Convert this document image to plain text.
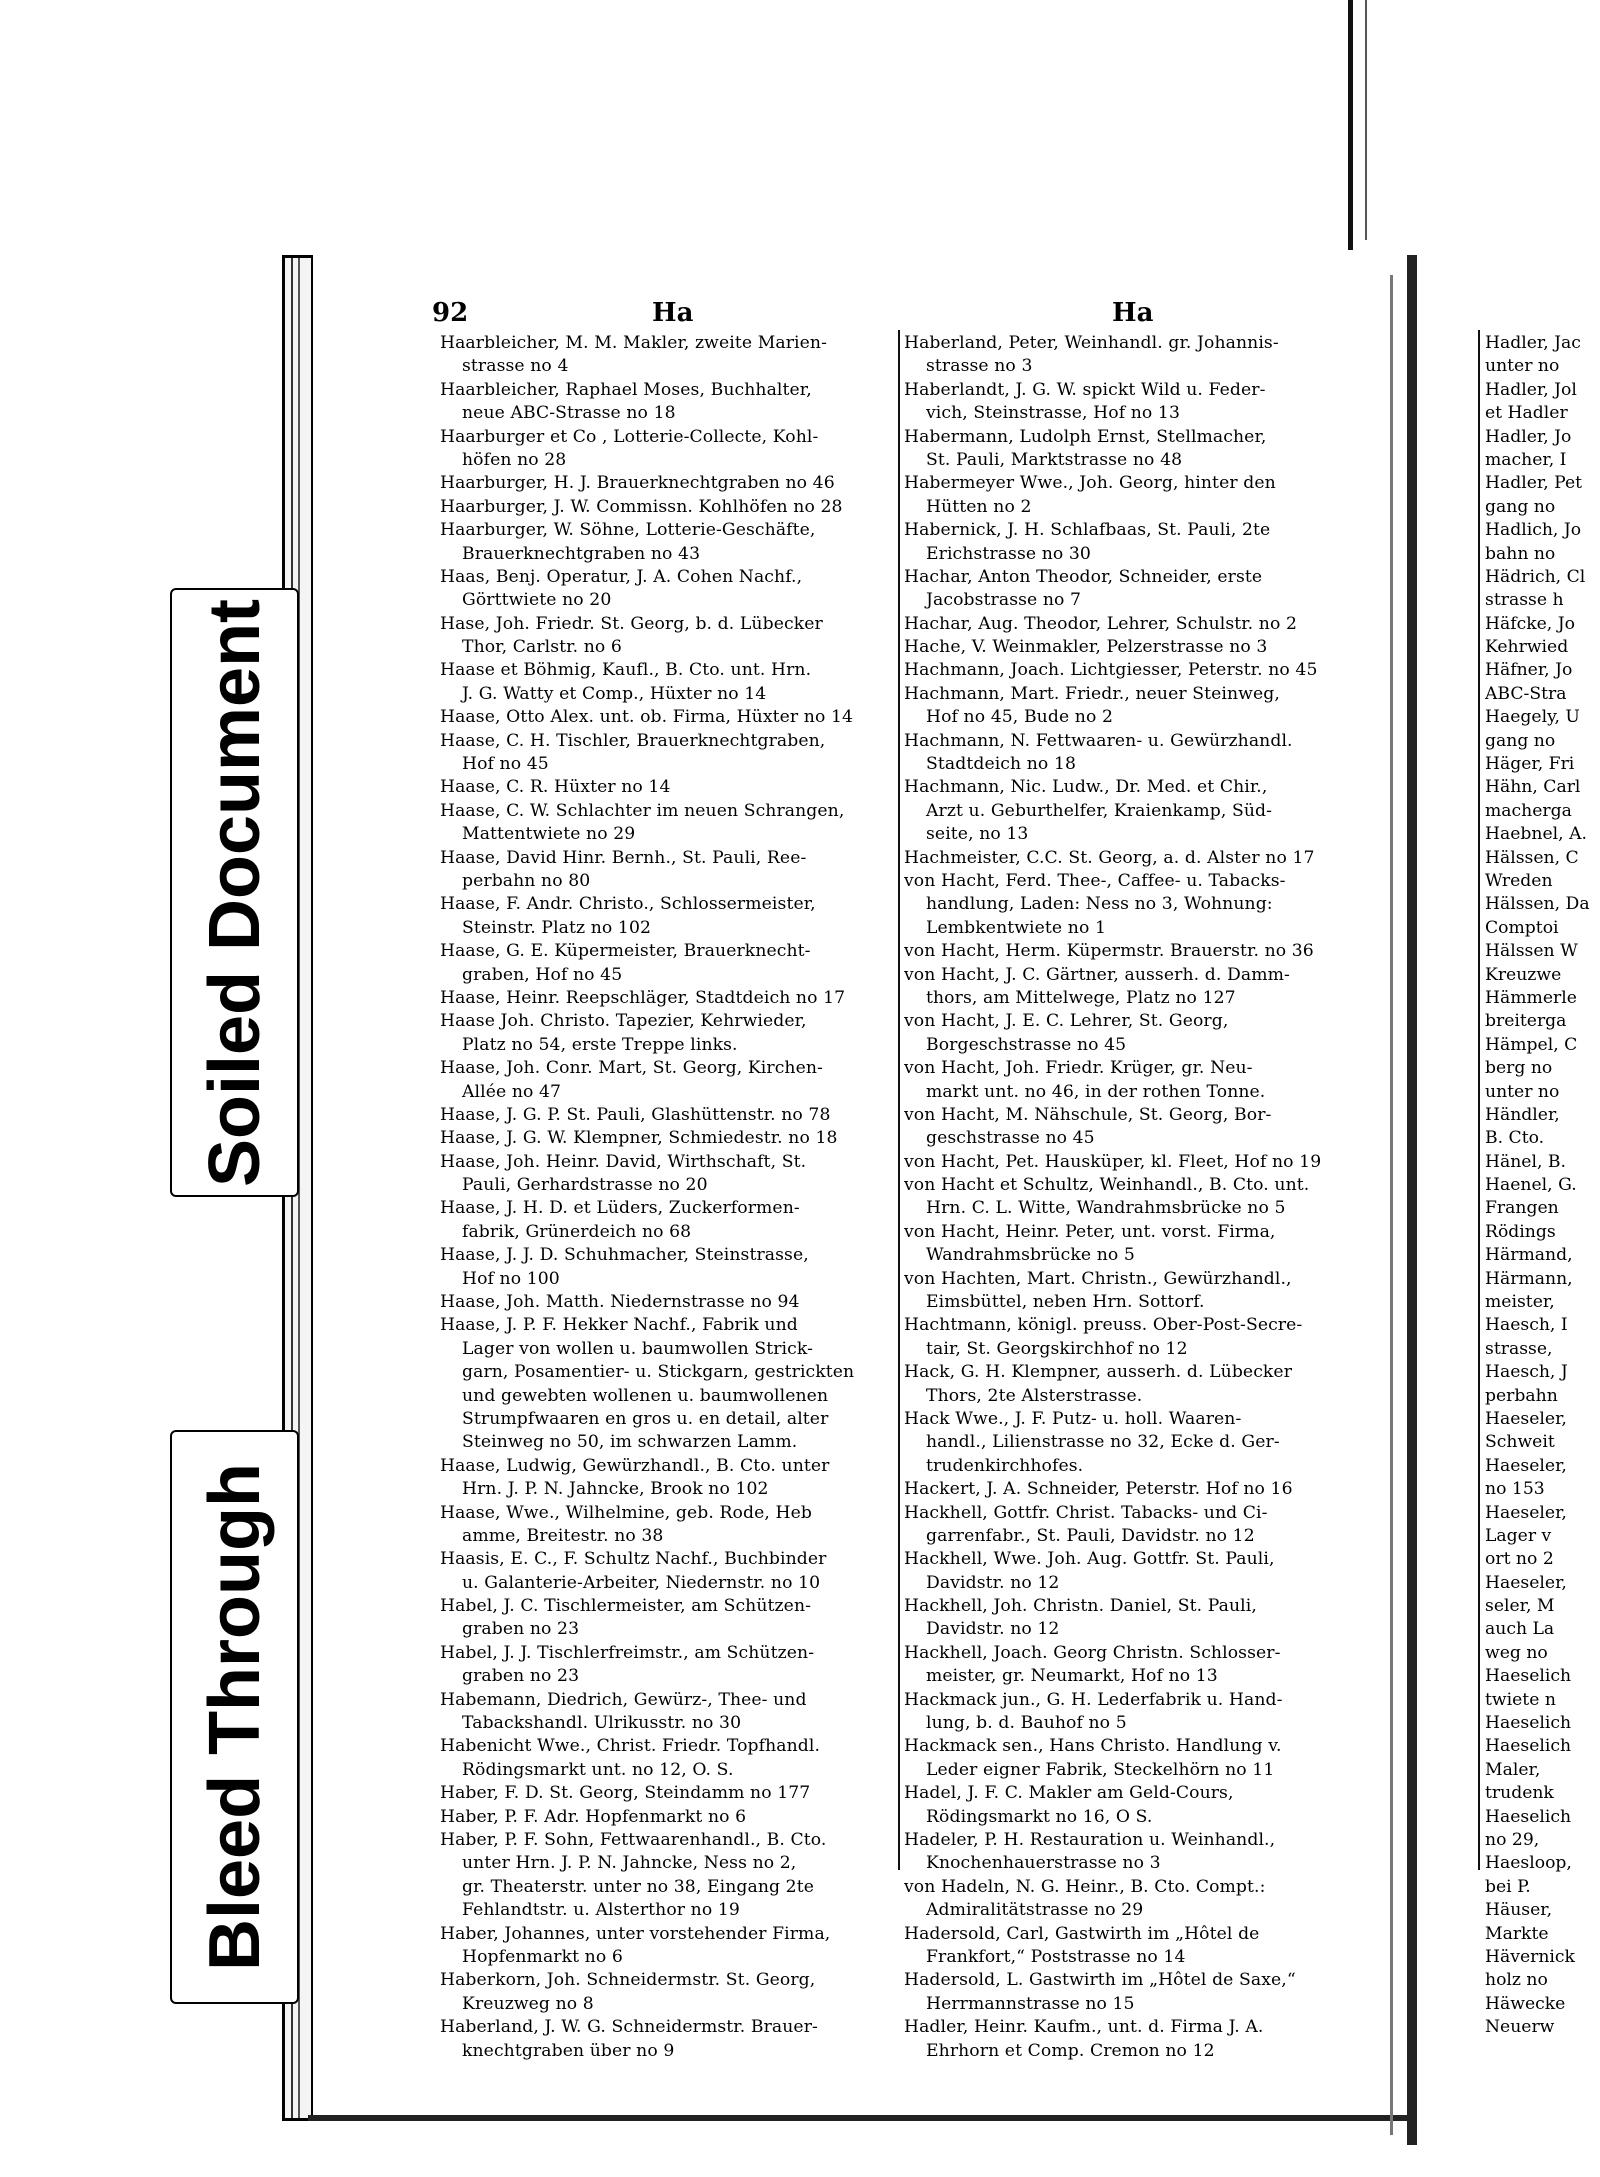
Soiled Document
Bleed Through
92	Ha	Ha
Haarbleicher, M. M. Makler, zweite Marien-
strasse no 4
Haarbleicher, Raphael Moses, Buchhalter,
neue ABC-Strasse no 18
Haarburger et Co , Lotterie-Collecte, Kohl-
höfen no 28
Haarburger, H. J. Brauerknechtgraben no 46
Haarburger, J. W. Commissn. Kohlhöfen no 28
Haarburger, W. Söhne, Lotterie-Geschäfte,
Brauerknechtgraben no 43
Haas, Benj. Operatur, J. A. Cohen Nachf.,
Görttwiete no 20
Hase, Joh. Friedr. St. Georg, b. d. Lübecker
Thor, Carlstr. no 6
Haase et Böhmig, Kaufl., B. Cto. unt. Hrn.
J. G. Watty et Comp., Hüxter no 14
Haase, Otto Alex. unt. ob. Firma, Hüxter no 14
Haase, C. H. Tischler, Brauerknechtgraben,
Hof no 45
Haase, C. R. Hüxter no 14
Haase, C. W. Schlachter im neuen Schrangen,
Mattentwiete no 29
Haase, David Hinr. Bernh., St. Pauli, Ree-
perbahn no 80
Haase, F. Andr. Christo., Schlossermeister,
Steinstr. Platz no 102
Haase, G. E. Küpermeister, Brauerknecht-
graben, Hof no 45
Haase, Heinr. Reepschläger, Stadtdeich no 17
Haase Joh. Christo. Tapezier, Kehrwieder,
Platz no 54, erste Treppe links.
Haase, Joh. Conr. Mart, St. Georg, Kirchen-
Allée no 47
Haase, J. G. P. St. Pauli, Glashüttenstr. no 78
Haase, J. G. W. Klempner, Schmiedestr. no 18
Haase, Joh. Heinr. David, Wirthschaft, St.
Pauli, Gerhardstrasse no 20
Haase, J. H. D. et Lüders, Zuckerformen-
fabrik, Grünerdeich no 68
Haase, J. J. D. Schuhmacher, Steinstrasse,
Hof no 100
Haase, Joh. Matth. Niedernstrasse no 94
Haase, J. P. F. Hekker Nachf., Fabrik und
Lager von wollen u. baumwollen Strick-
garn, Posamentier- u. Stickgarn, gestrickten
und gewebten wollenen u. baumwollenen
Strumpfwaaren en gros u. en detail, alter
Steinweg no 50, im schwarzen Lamm.
Haase, Ludwig, Gewürzhandl., B. Cto. unter
Hrn. J. P. N. Jahncke, Brook no 102
Haase, Wwe., Wilhelmine, geb. Rode, Heb
amme, Breitestr. no 38
Haasis, E. C., F. Schultz Nachf., Buchbinder
u. Galanterie-Arbeiter, Niedernstr. no 10
Habel, J. C. Tischlermeister, am Schützen-
graben no 23
Habel, J. J. Tischlerfreimstr., am Schützen-
graben no 23
Habemann, Diedrich, Gewürz-, Thee- und
Tabackshandl. Ulrikusstr. no 30
Habenicht Wwe., Christ. Friedr. Topfhandl.
Rödingsmarkt unt. no 12, O. S.
Haber, F. D. St. Georg, Steindamm no 177
Haber, P. F. Adr. Hopfenmarkt no 6
Haber, P. F. Sohn, Fettwaarenhandl., B. Cto.
unter Hrn. J. P. N. Jahncke, Ness no 2,
gr. Theaterstr. unter no 38, Eingang 2te
Fehlandtstr. u. Alsterthor no 19
Haber, Johannes, unter vorstehender Firma,
Hopfenmarkt no 6
Haberkorn, Joh. Schneidermstr. St. Georg,
Kreuzweg no 8
Haberland, J. W. G. Schneidermstr. Brauer-
knechtgraben über no 9
Haberland, Peter, Weinhandl. gr. Johannis-
strasse no 3
Haberlandt, J. G. W. spickt Wild u. Feder-
vich, Steinstrasse, Hof no 13
Habermann, Ludolph Ernst, Stellmacher,
St. Pauli, Marktstrasse no 48
Habermeyer Wwe., Joh. Georg, hinter den
Hütten no 2
Habernick, J. H. Schlafbaas, St. Pauli, 2te
Erichstrasse no 30
Hachar, Anton Theodor, Schneider, erste
Jacobstrasse no 7
Hachar, Aug. Theodor, Lehrer, Schulstr. no 2
Hache, V. Weinmakler, Pelzerstrasse no 3
Hachmann, Joach. Lichtgiesser, Peterstr. no 45
Hachmann, Mart. Friedr., neuer Steinweg,
Hof no 45, Bude no 2
Hachmann, N. Fettwaaren- u. Gewürzhandl.
Stadtdeich no 18
Hachmann, Nic. Ludw., Dr. Med. et Chir.,
Arzt u. Geburthelfer, Kraienkamp, Süd-
seite, no 13
Hachmeister, C.C. St. Georg, a. d. Alster no 17
von Hacht, Ferd. Thee-, Caffee- u. Tabacks-
handlung, Laden: Ness no 3, Wohnung:
Lembkentwiete no 1
von Hacht, Herm. Küpermstr. Brauerstr. no 36
von Hacht, J. C. Gärtner, ausserh. d. Damm-
thors, am Mittelwege, Platz no 127
von Hacht, J. E. C. Lehrer, St. Georg,
Borgeschstrasse no 45
von Hacht, Joh. Friedr. Krüger, gr. Neu-
markt unt. no 46, in der rothen Tonne.
von Hacht, M. Nähschule, St. Georg, Bor-
geschstrasse no 45
von Hacht, Pet. Hausküper, kl. Fleet, Hof no 19
von Hacht et Schultz, Weinhandl., B. Cto. unt.
Hrn. C. L. Witte, Wandrahmsbrücke no 5
von Hacht, Heinr. Peter, unt. vorst. Firma,
Wandrahmsbrücke no 5
von Hachten, Mart. Christn., Gewürzhandl.,
Eimsbüttel, neben Hrn. Sottorf.
Hachtmann, königl. preuss. Ober-Post-Secre-
tair, St. Georgskirchhof no 12
Hack, G. H. Klempner, ausserh. d. Lübecker
Thors, 2te Alsterstrasse.
Hack Wwe., J. F. Putz- u. holl. Waaren-
handl., Lilienstrasse no 32, Ecke d. Ger-
trudenkirchhofes.
Hackert, J. A. Schneider, Peterstr. Hof no 16
Hackhell, Gottfr. Christ. Tabacks- und Ci-
garrenfabr., St. Pauli, Davidstr. no 12
Hackhell, Wwe. Joh. Aug. Gottfr. St. Pauli,
Davidstr. no 12
Hackhell, Joh. Christn. Daniel, St. Pauli,
Davidstr. no 12
Hackhell, Joach. Georg Christn. Schlosser-
meister, gr. Neumarkt, Hof no 13
Hackmack jun., G. H. Lederfabrik u. Hand-
lung, b. d. Bauhof no 5
Hackmack sen., Hans Christo. Handlung v.
Leder eigner Fabrik, Steckelhörn no 11
Hadel, J. F. C. Makler am Geld-Cours,
Rödingsmarkt no 16, O S.
Hadeler, P. H. Restauration u. Weinhandl.,
Knochenhauerstrasse no 3
von Hadeln, N. G. Heinr., B. Cto. Compt.:
Admiralitätstrasse no 29
Hadersold, Carl, Gastwirth im „Hôtel de
Frankfort,“ Poststrasse no 14
Hadersold, L. Gastwirth im „Hôtel de Saxe,“
Herrmannstrasse no 15
Hadler, Heinr. Kaufm., unt. d. Firma J. A.
Ehrhorn et Comp. Cremon no 12
Hadler, Jac
unter no
Hadler, Jol
et Hadler
Hadler, Jo
macher, I
Hadler, Pet
gang no
Hadlich, Jo
bahn no
Hädrich, Cl
strasse h
Häfcke, Jo
Kehrwied
Häfner, Jo
ABC-Stra
Haegely, U
gang no
Häger, Fri
Hähn, Carl
macherga
Haebnel, A.
Hälssen, C
Wreden
Hälssen, Da
Comptoi
Hälssen W
Kreuzwe
Hämmerle
breiterga
Hämpel, C
berg no
unter no
Händler,
B. Cto.
Hänel, B.
Haenel, G.
Frangen
Rödings
Härmand,
Härmann,
meister,
Haesch, I
strasse,
Haesch, J
perbahn
Haeseler,
Schweit
Haeseler,
no 153
Haeseler,
Lager v
ort no 2
Haeseler,
seler, M
auch La
weg no
Haeselich
twiete n
Haeselich
Haeselich
Maler,
trudenk
Haeselich
no 29,
Haesloop,
bei P.
Häuser,
Markte
Hävernick
holz no
Häwecke
Neuerw
